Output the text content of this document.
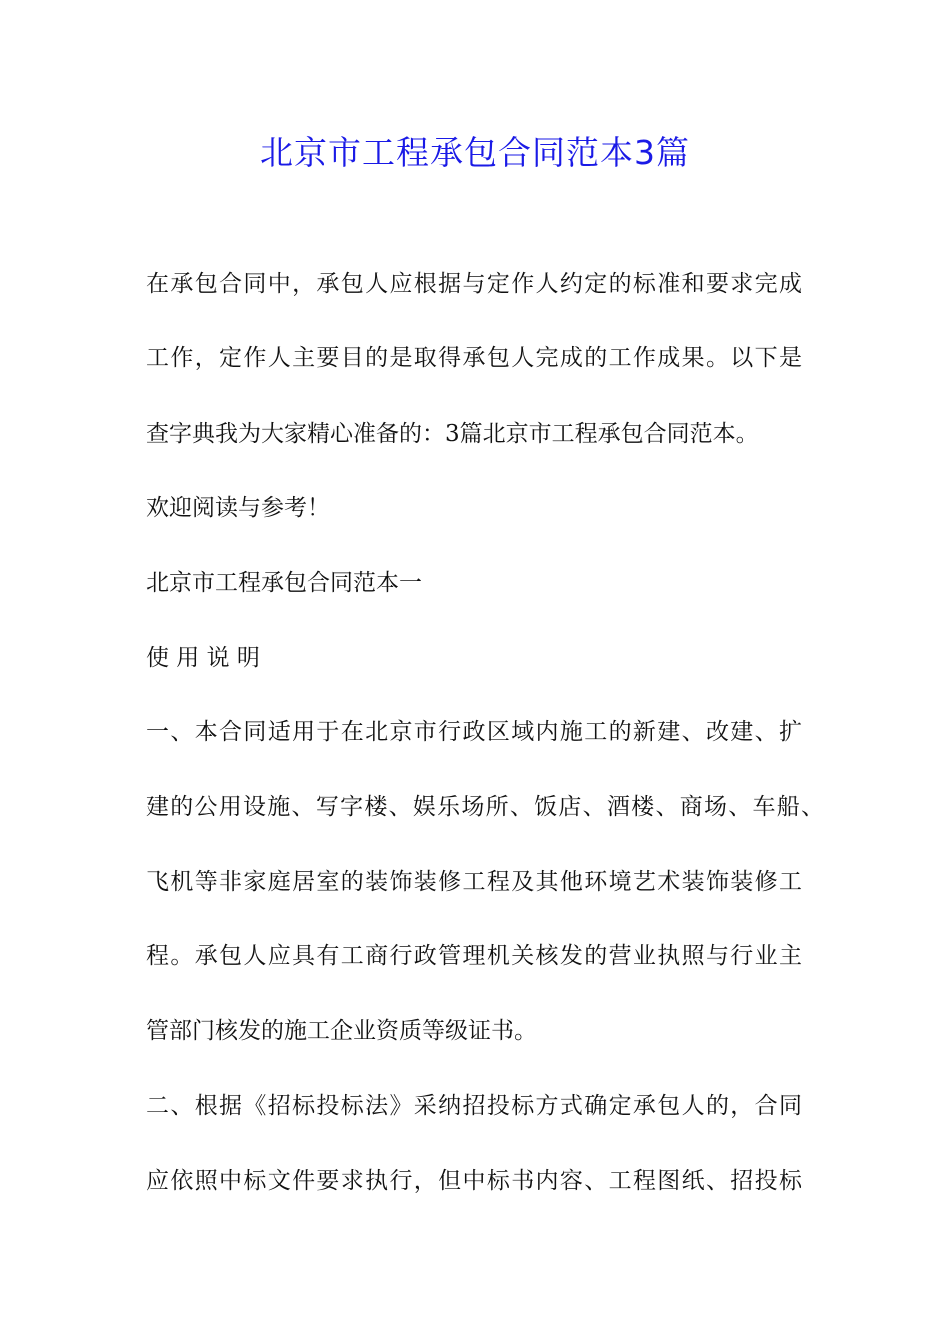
北京市工程承包合同范本3篇
在承包合同中，承包人应根据与定作人约定的标准和要求完成
工作，定作人主要目的是取得承包人完成的工作成果。以下是
查字典我为大家精心准备的：3篇北京市工程承包合同范本。
欢迎阅读与参考！
北京市工程承包合同范本一
使 用 说 明
一、本合同适用于在北京市行政区域内施工的新建、改建、扩
建的公用设施、写字楼、娱乐场所、饭店、酒楼、商场、车船、
飞机等非家庭居室的装饰装修工程及其他环境艺术装饰装修工
程。承包人应具有工商行政管理机关核发的营业执照与行业主
管部门核发的施工企业资质等级证书。
二、根据《招标投标法》采纳招投标方式确定承包人的，合同
应依照中标文件要求执行，但中标书内容、工程图纸、招投标
